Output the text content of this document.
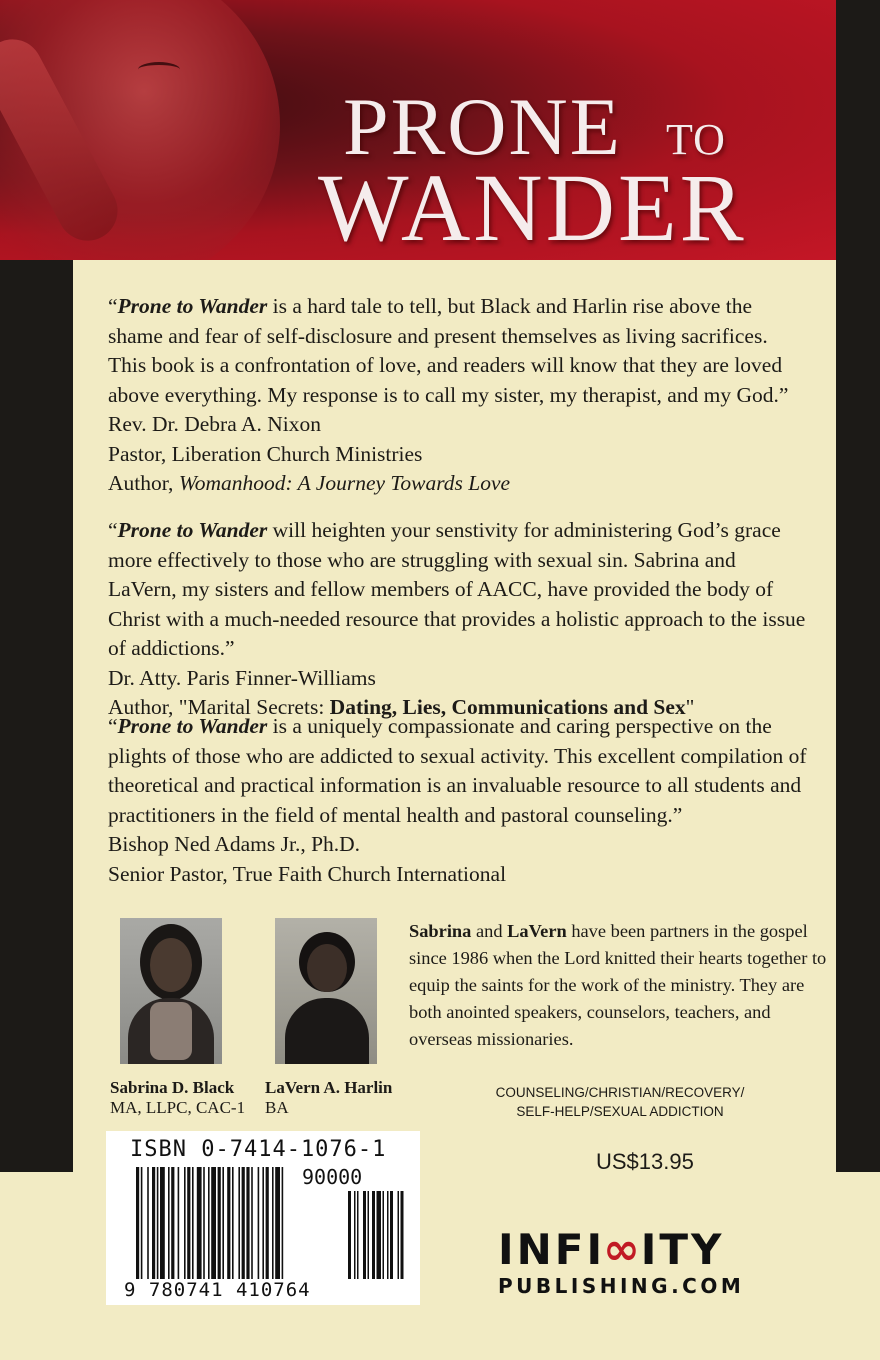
PRONE TO
WANDER

“Prone to Wander is a hard tale to tell, but Black and Harlin rise above the shame and fear of self-disclosure and present themselves as living sacrifices. This book is a confrontation of love, and readers will know that they are loved above everything. My response is to call my sister, my therapist, and my God.”

Rev. Dr. Debra A. Nixon

Pastor, Liberation Church Ministries

Author, Womanhood: A Journey Towards Love

“Prone to Wander will heighten your senstivity for administering God’s grace more effectively to those who are struggling with sexual sin. Sabrina and LaVern, my sisters and fellow members of AACC, have provided the body of Christ with a much-needed resource that provides a holistic approach to the issue of addictions.”

Dr. Atty. Paris Finner-Williams

Author, "Marital Secrets: Dating, Lies, Communications and Sex"

“Prone to Wander is a uniquely compassionate and caring perspective on the plights of those who are addicted to sexual activity. This excellent compilation of theoretical and practical information is an invaluable resource to all students and practitioners in the field of mental health and pastoral counseling.”

Bishop Ned Adams Jr., Ph.D.

Senior Pastor, True Faith Church International

Sabrina D. Black
MA, LLPC, CAC-1
LaVern A. Harlin
BA
Sabrina and LaVern have been partners in the gospel since 1986 when the Lord knitted their hearts together to equip the saints for the work of the ministry. They are both anointed speakers, counselors, teachers, and overseas missionaries.
COUNSELING/CHRISTIAN/RECOVERY/
SELF-HELP/SEXUAL ADDICTION
US$13.95
ISBN 0-7414-1076-1
90000
9 780741 410764
INFI
∞
ITY
PUBLISHING.COM
